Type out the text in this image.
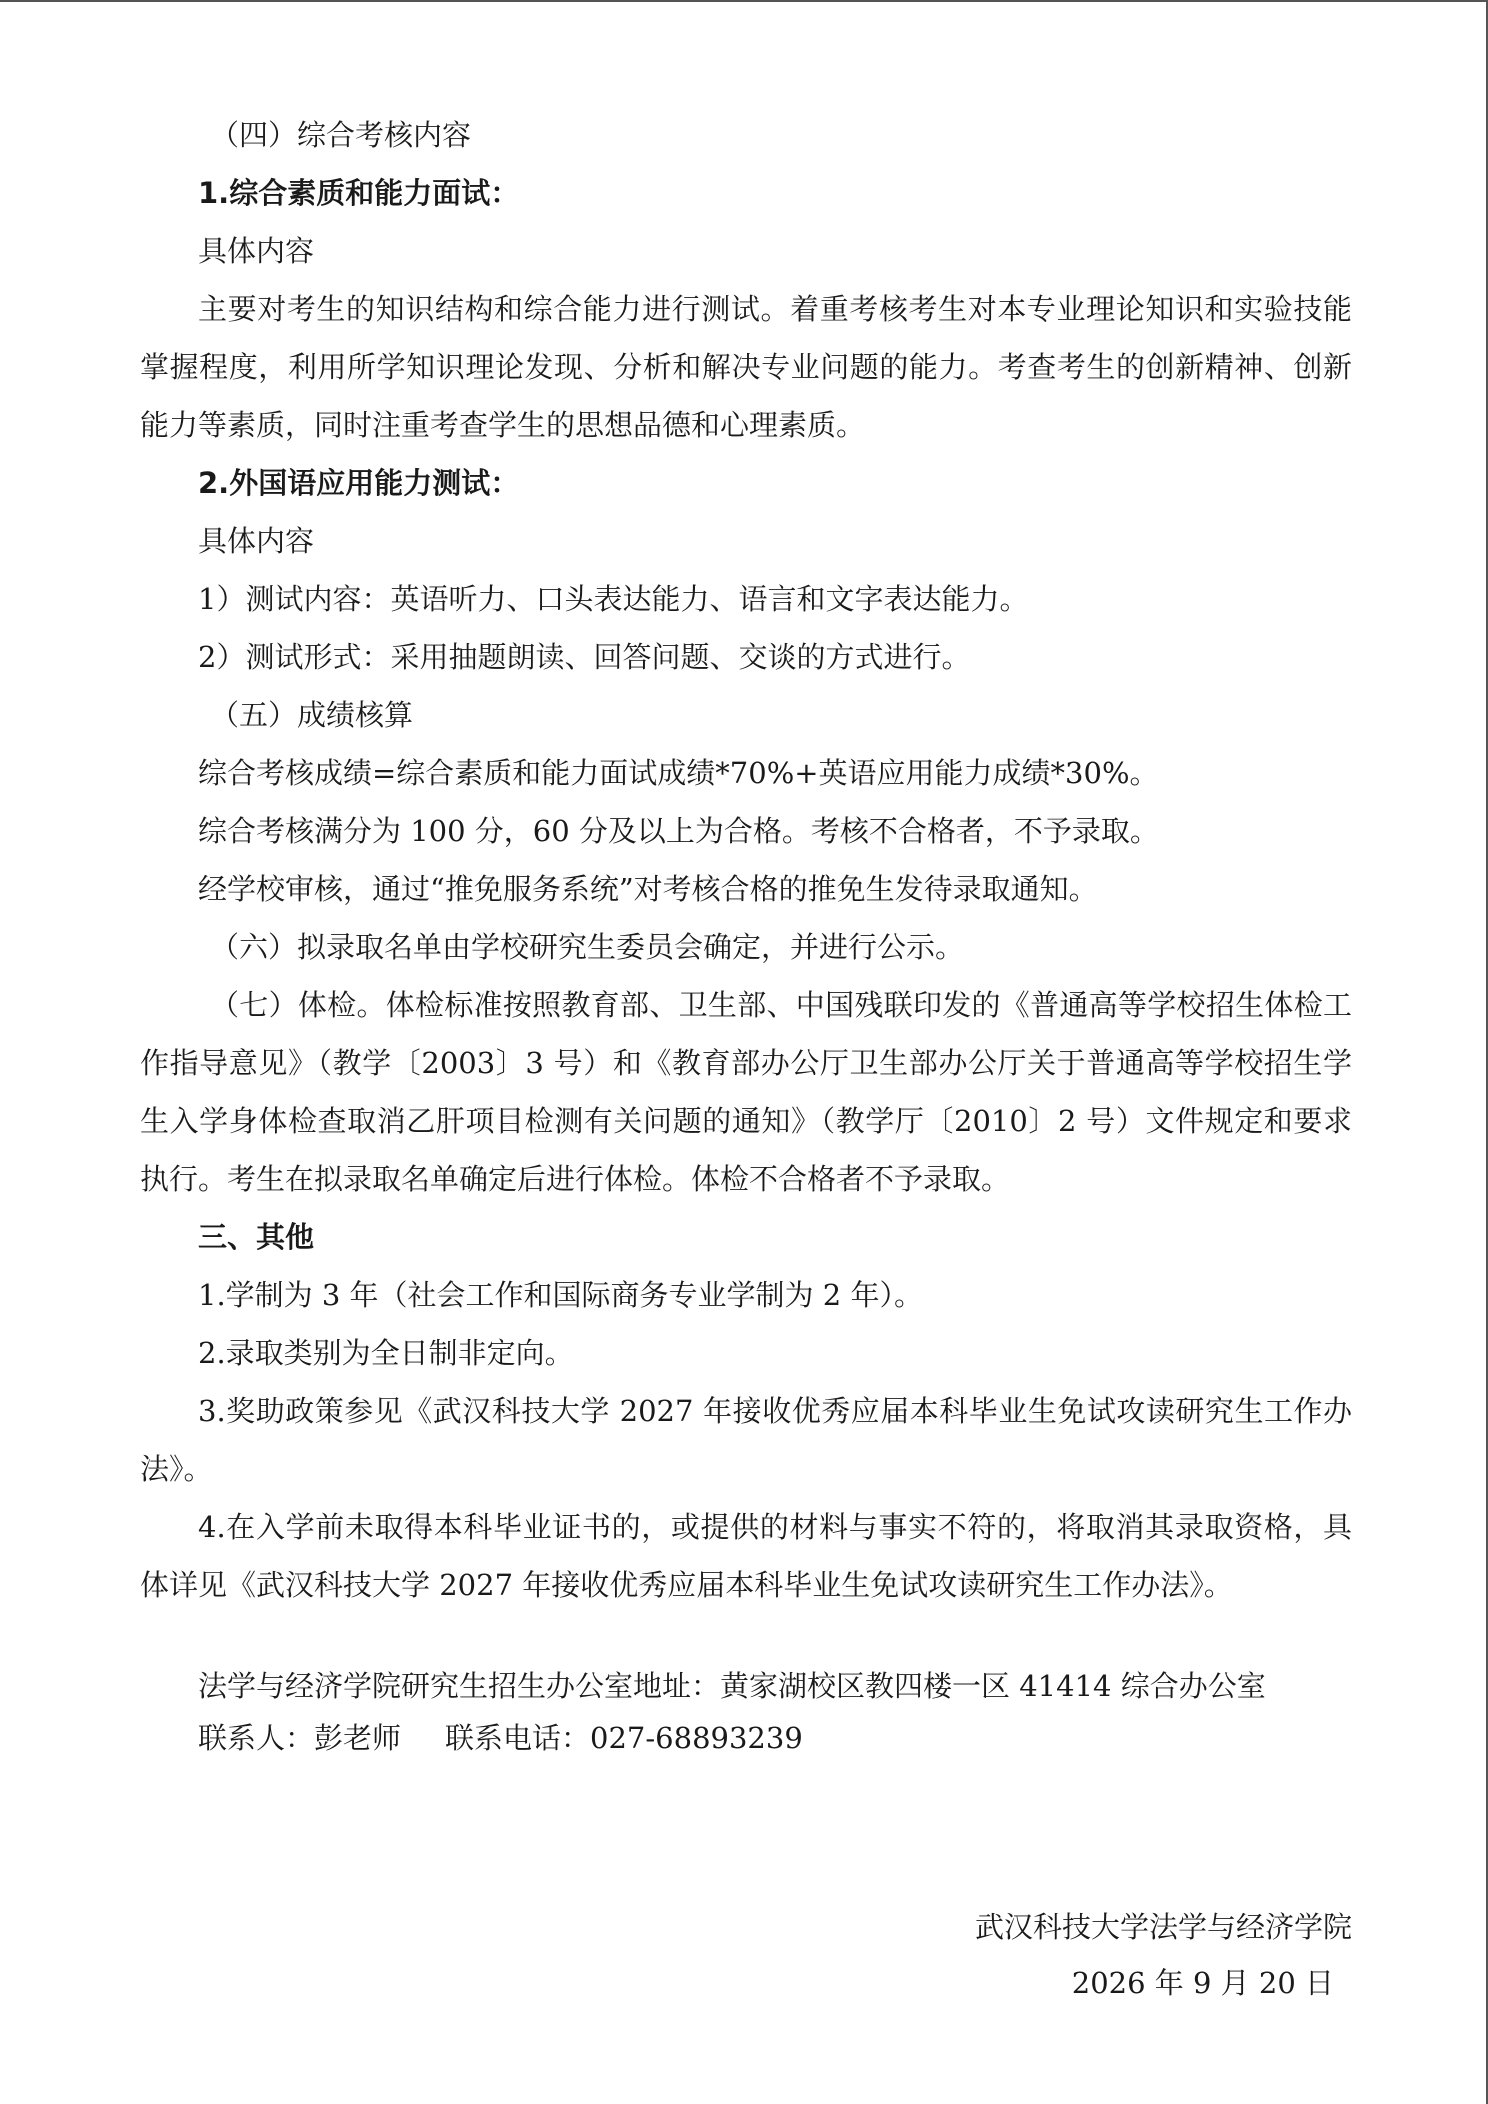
（四）综合考核内容

1.综合素质和能力面试：

具体内容

主要对考生的知识结构和综合能力进行测试。着重考核考生对本专业理论知识和实验技能掌握程度，利用所学知识理论发现、分析和解决专业问题的能力。考查考生的创新精神、创新能力等素质，同时注重考查学生的思想品德和心理素质。

2.外国语应用能力测试：

具体内容

1）测试内容：英语听力、口头表达能力、语言和文字表达能力。

2）测试形式：采用抽题朗读、回答问题、交谈的方式进行。

（五）成绩核算

综合考核成绩=综合素质和能力面试成绩*70%+英语应用能力成绩*30%。

综合考核满分为 100 分，60 分及以上为合格。考核不合格者，不予录取。

经学校审核，通过“推免服务系统”对考核合格的推免生发待录取通知。

（六）拟录取名单由学校研究生委员会确定，并进行公示。

（七）体检。体检标准按照教育部、卫生部、中国残联印发的《普通高等学校招生体检工作指导意见》（教学〔2003〕3 号）和《教育部办公厅卫生部办公厅关于普通高等学校招生学生入学身体检查取消乙肝项目检测有关问题的通知》（教学厅〔2010〕2 号）文件规定和要求执行。考生在拟录取名单确定后进行体检。体检不合格者不予录取。

三、其他

1.学制为 3 年（社会工作和国际商务专业学制为 2 年）。

2.录取类别为全日制非定向。

3.奖助政策参见《武汉科技大学 2027 年接收优秀应届本科毕业生免试攻读研究生工作办法》。

4.在入学前未取得本科毕业证书的，或提供的材料与事实不符的，将取消其录取资格，具体详见《武汉科技大学 2027 年接收优秀应届本科毕业生免试攻读研究生工作办法》。

法学与经济学院研究生招生办公室地址：黄家湖校区教四楼一区 41414 综合办公室

联系人：彭老师 联系电话：027-68893239

武汉科技大学法学与经济学院

2026 年 9 月 20 日
